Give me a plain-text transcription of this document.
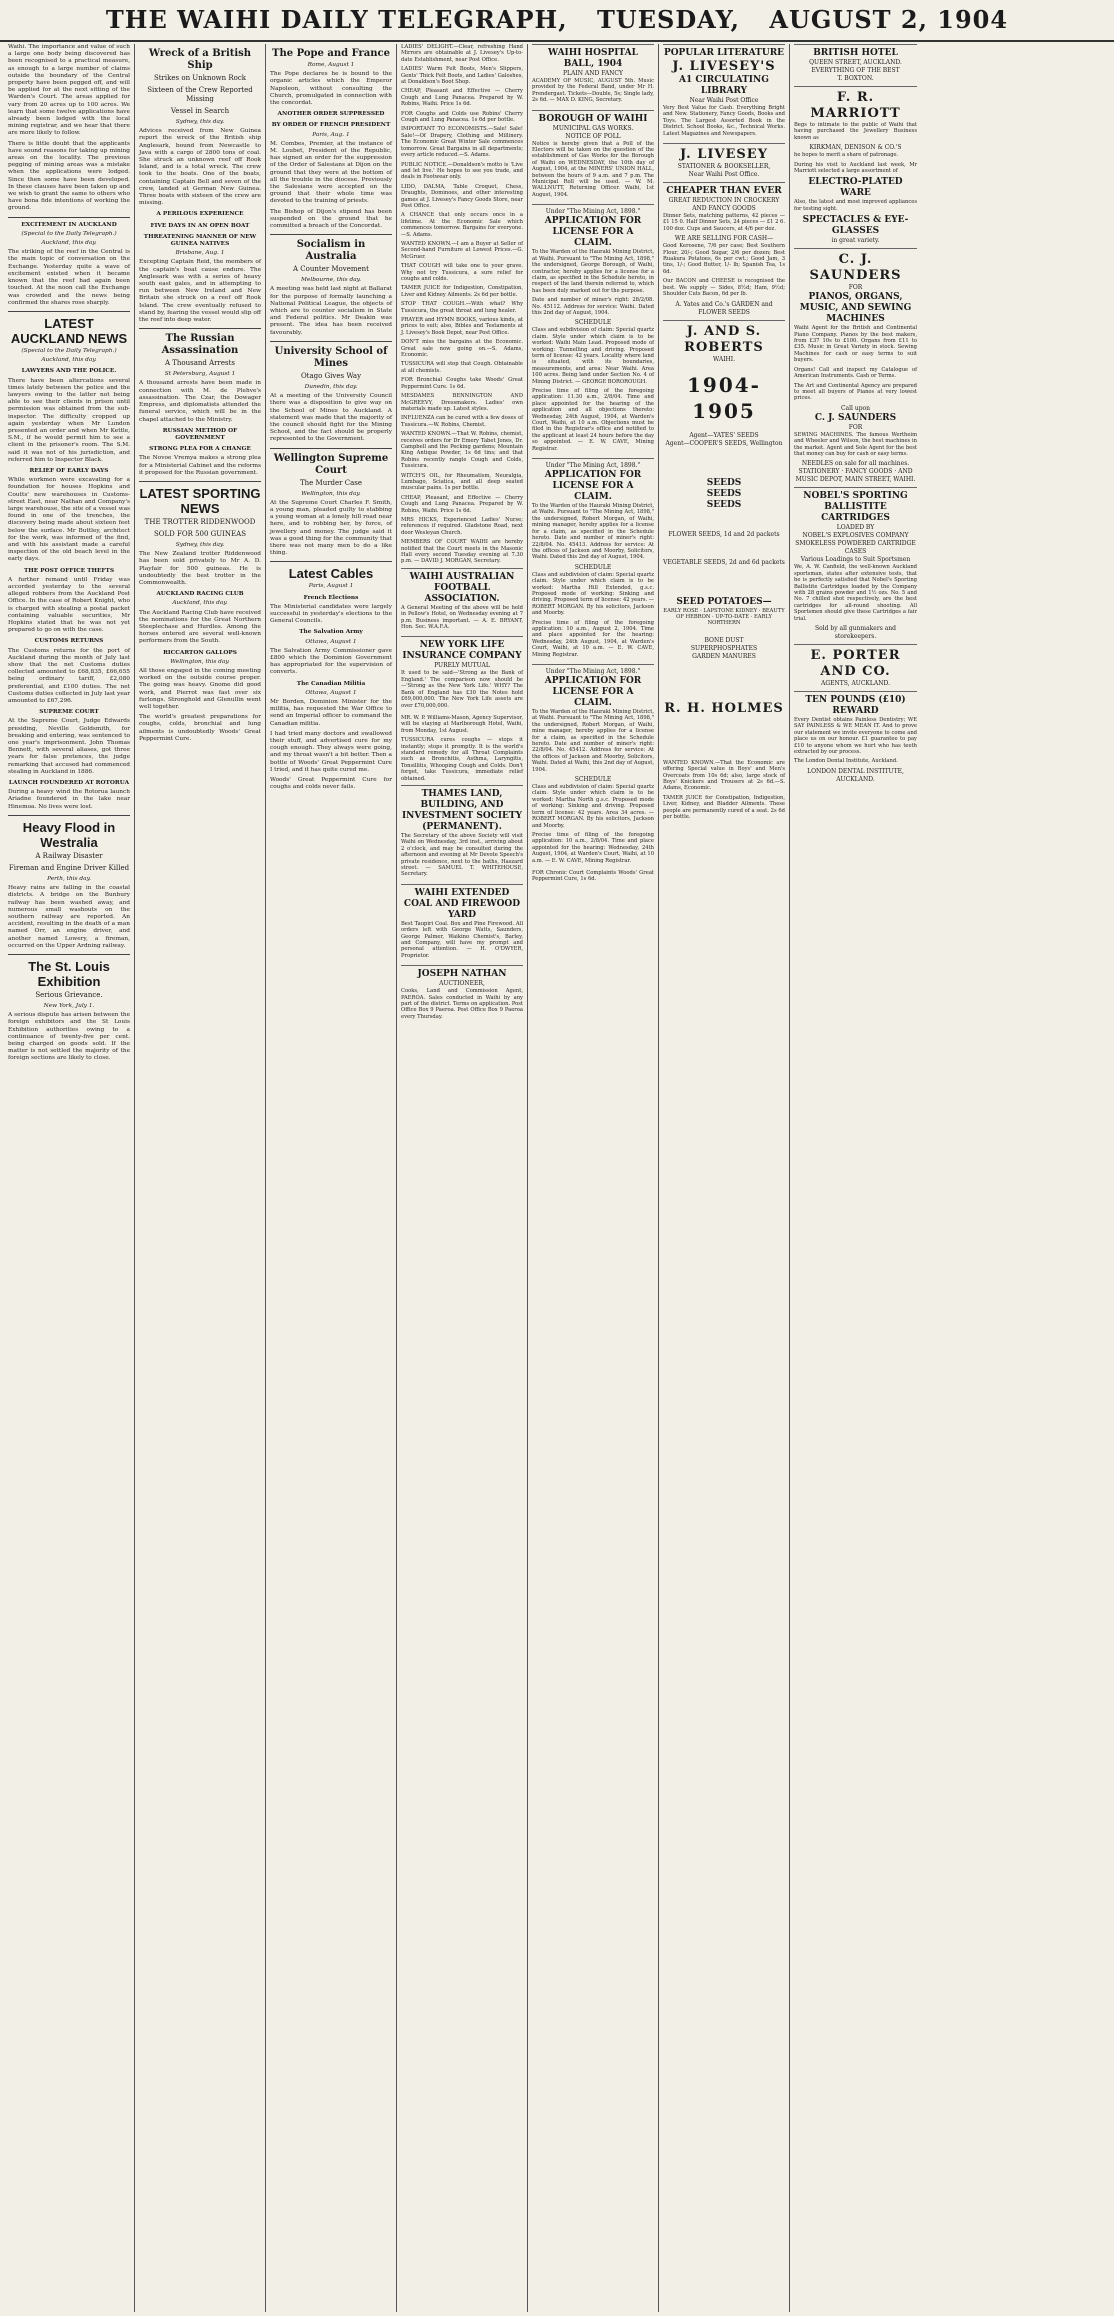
THE WAIHI DAILY TELEGRAPH, TUESDAY, AUGUST 2, 1904

Waihi. The importance and value of such a large one body being discovered has been recognised to a practical measure, as enough to a large number of claims outside the boundary of the Central property have been pegged off, and will be applied for at the next sitting of the Warden's Court. The areas applied for vary from 20 acres up to 100 acres. We learn that some twelve applications have already been lodged with the local mining registrar, and we hear that there are more likely to follow.

There is little doubt that the applicants have sound reasons for taking up mining areas on the locality. The previous pegging of mining areas was a mistake when the applications were lodged. Since then some have been developed. In these clauses have been taken up and we wish to grant the same to others who have bona fide intentions of working the ground.

EXCITEMENT IN AUCKLAND
(Special to the Daily Telegraph.)
Auckland, this day.

The striking of the reef in the Central is the main topic of conversation on the Exchange. Yesterday quite a wave of excitement existed when it became known that the reef had again been touched. At the noon call the Exchange was crowded and the news being confirmed the shares rose sharply.

LATEST AUCKLAND NEWS
(Special to the Daily Telegraph.)
Auckland, this day.
LAWYERS AND THE POLICE.

There have been altercations several times lately between the police and the lawyers owing to the latter not being able to see their clients in prison until permission was obtained from the sub-inspector. The difficulty cropped up again yesterday when Mr Lundon presented an order and when Mr Kettle, S.M., if he would permit him to see a client in the prisoner's room. The S.M. said it was not of his jurisdiction, and referred him to Inspector Black.

RELIEF OF EARLY DAYS

While workmen were excavating for a foundation for houses Hopkins and Coutts' new warehouses in Customs-street East, near Nathan and Company's large warehouse, the site of a vessel was found in one of the trenches, the discovery being made about sixteen feet below the surface. Mr Buttley, architect for the work, was informed of the find, and with his assistant made a careful inspection of the old beach level in the early days.

THE POST OFFICE THEFTS

A further remand until Friday was accorded yesterday to the several alleged robbers from the Auckland Post Office. In the case of Robert Knight, who is charged with stealing a postal packet containing valuable securities, Mr Hopkins stated that he was not yet prepared to go on with the case.

CUSTOMS RETURNS

The Customs returns for the port of Auckland during the month of July last show that the net Customs duties collected amounted to £68,835, £66,655 being ordinary tariff, £2,080 preferential, and £100 duties. The net Customs duties collected in July last year amounted to £67,296.

SUPREME COURT

At the Supreme Court, Judge Edwards presiding, Neville Goldsmith, for breaking and entering, was sentenced to one year's imprisonment. John Thomas Bennett, with several aliases, got three years for false pretences, the judge remarking that accused had commenced stealing in Auckland in 1886.

LAUNCH FOUNDERED AT ROTORUA

During a heavy wind the Rotorua launch Ariadne foundered in the lake near Hinemoa. No lives were lost.

Heavy Flood in Westralia
A Railway Disaster
Fireman and Engine Driver Killed
Perth, this day.

Heavy rains are falling in the coastal districts. A bridge on the Bunbury railway has been washed away, and numerous small washouts on the southern railway are reported. An accident, resulting in the death of a man named Orr, an engine driver, and another named Lowery, a fireman, occurred on the Upper Ardning railway.

The St. Louis Exhibition
Serious Grievance.
New York, July 1.

A serious dispute has arisen between the foreign exhibitors and the St Louis Exhibition authorities owing to a continuance of twenty-five per cent. being charged on goods sold. If the matter is not settled the majority of the foreign sections are likely to close.

Wreck of a British Ship
Strikes on Unknown Rock
Sixteen of the Crew Reported Missing
Vessel in Search
Sydney, this day.

Advices received from New Guinea report the wreck of the British ship Anglesark, bound from Newcastle to Java with a cargo of 2800 tons of coal. She struck an unknown reef off Rook Island, and is a total wreck. The crew took to the boats. One of the boats, containing Captain Bell and seven of the crew, landed at German New Guinea. Three boats with sixteen of the crew are missing.

A PERILOUS EXPERIENCE
FIVE DAYS IN AN OPEN BOAT
THREATENING MANNER OF NEW GUINEA NATIVES
Brisbane, Aug. 1

Excepting Captain Reid, the members of the captain's boat cause endure. The Anglesark was with a series of heavy south east gales, and in attempting to run between New Ireland and New Britain she struck on a reef off Rook Island. The crew eventually refused to stand by, fearing the vessel would slip off the reef into deep water.

The Russian Assassination
A Thousand Arrests
St Petersburg, August 1

A thousand arrests have been made in connection with M. de Plehve's assassination. The Czar, the Dowager Empress, and diplomatists attended the funeral service, which will be in the chapel attached to the Ministry.

RUSSIAN METHOD OF GOVERNMENT
STRONG PLEA FOR A CHANGE

The Novoe Vremya makes a strong plea for a Ministerial Cabinet and the reforms it proposed for the Russian government.

LATEST SPORTING NEWS
THE TROTTER RIDDENWOOD
SOLD FOR 500 GUINEAS
Sydney, this day.

The New Zealand trotter Riddenwood has been sold privately to Mr A. D. Playfair for 500 guineas. He is undoubtedly the best trotter in the Commonwealth.

AUCKLAND RACING CLUB
Auckland, this day.

The Auckland Racing Club have received the nominations for the Great Northern Steeplechase and Hurdles. Among the horses entered are several well-known performers from the South.

RICCARTON GALLOPS
Wellington, this day.

All those engaged in the coming meeting worked on the outside course proper. The going was heavy. Gnome did good work, and Pierrot was fast over six furlongs. Stronghold and Glenullin went well together.

The world's greatest preparations for coughs, colds, bronchial and lung ailments is undoubtedly Woods' Great Peppermint Cure.

The Pope and France
Rome, August 1

The Pope declares he is bound to the organic articles which the Emperor Napoleon, without consulting the Church, promulgated in connection with the concordat.

ANOTHER ORDER SUPPRESSED
BY ORDER OF FRENCH PRESIDENT
Paris, Aug. 1

M. Combes, Premier, at the instance of M. Loubet, President of the Republic, has signed an order for the suppression of the Order of Salesians at Dijon on the ground that they were at the bottom of all the trouble in the diocese. Previously the Salesians were accepted on the ground that their whole time was devoted to the training of priests.

The Bishop of Dijon's stipend has been suspended on the ground that he committed a breach of the Concordat.

Socialism in Australia
A Counter Movement
Melbourne, this day.

A meeting was held last night at Ballarat for the purpose of formally launching a National Political League, the objects of which are to counter socialism in State and Federal politics. Mr Deakin was present. The idea has been received favourably.

University School of Mines
Otago Gives Way
Dunedin, this day.

At a meeting of the University Council there was a disposition to give way on the School of Mines to Auckland. A statement was made that the majority of the council should fight for the Mining School, and the fact should be properly represented to the Government.

Wellington Supreme Court
The Murder Case
Wellington, this day.

At the Supreme Court Charles F. Smith, a young man, pleaded guilty to stabbing a young woman at a lonely hill road near here, and to robbing her, by force, of jewellery and money. The judge said it was a good thing for the community that there was not many men to do a like thing.

Latest Cables
Paris, August 1
French Elections

The Ministerial candidates were largely successful in yesterday's elections to the General Councils.

The Salvation Army
Ottawa, August 1

The Salvation Army Commissioner gave £800 which the Dominion Government has appropriated for the supervision of converts.

The Canadian Militia
Ottawa, August 1

Mr Borden, Dominion Minister for the militia, has requested the War Office to send an Imperial officer to command the Canadian militia.

I had tried many doctors and swallowed their stuff, and advertised cure for my cough enough. They always were going, and my throat wasn't a bit better. Then a bottle of Woods' Great Peppermint Cure I tried, and it has quite cured me.

Woods' Great Peppermint Cure for coughs and colds never fails.

LADIES' DELIGHT.—Clear, refreshing Hand Mirrors are obtainable at J. Livesey's Up-to-date Establishment, near Post Office.

LADIES' Warm Felt Boots, Men's Slippers, Gents' Thick Felt Boots, and Ladies' Galoshes, at Donaldson's Boot Shop.

CHEAP, Pleasant and Effective — Cherry Cough and Lung Panacea. Prepared by W. Robins, Waihi. Price 1s 6d.

FOR Coughs and Colds use Robins' Cherry Cough and Lung Panacea. 1s 6d per bottle.

IMPORTANT TO ECONOMISTS.—Sale! Sale! Sale!—Of Drapery, Clothing and Millinery. The Economic Great Winter Sale commences tomorrow. Great Bargains in all departments; every article reduced.—S. Adams.

PUBLIC NOTICE.—Donaldson's motto is 'Live and let live.' He hopes to see you trade, and deals in Footwear only.

LIDO, DALMA, Table Croquet, Chess, Draughts, Dominoes, and other interesting games at J. Livesey's Fancy Goods Store, near Post Office.

A CHANCE that only occurs once in a lifetime. At the Economic Sale which commences tomorrow. Bargains for everyone.—S. Adams.

WANTED KNOWN.—I am a Buyer at Seller of Second-hand Furniture at Lowest Prices.—G. McGruer.

THAT COUGH will take one to your grave. Why not try Tussicura, a sure relief for coughs and colds.

TAMER JUICE for Indigestion, Constipation, Liver and Kidney Ailments. 2s 6d per bottle.

STOP THAT COUGH.—With what? Why Tussicura, the great throat and lung healer.

PRAYER and HYMN BOOKS, various kinds, at prices to suit; also, Bibles and Testaments at J. Livesey's Book Depot, near Post Office.

DON'T miss the bargains at the Economic. Great sale now going on.—S. Adams, Economic.

TUSSICURA will stop that Cough. Obtainable at all chemists.

FOR Bronchial Coughs take Woods' Great Peppermint Cure. 1s 6d.

MESDAMES BENNINGTON AND McGREEVY, Dressmakers. Ladies' own materials made up. Latest styles.

INFLUENZA can be cured with a few doses of Tussicura.—W. Robins, Chemist.

WANTED KNOWN.—That W. Robins, chemist, receives orders for Dr Emery Tabet Jones, Dr. Campbell and the Pecking gardens; Mountain King Antique Powder, 1s 6d tins; and that Robins recently rangle Cough and Colds, Tussicura.

WITCH'S OIL, for Rheumatism, Neuralgia, Lumbago, Sciatica, and all deep seated muscular pains. 1s per bottle.

CHEAP, Pleasant, and Effective — Cherry Cough and Lung Panacea. Prepared by W. Robins, Waihi. Price 1s 6d.

MRS HICKS, Experienced Ladies' Nurse; references if required. Gladstone Road, next door Wesleyan Church.

MEMBERS OF COURT WAIHI are hereby notified that the Court meets in the Masonic Hall every second Tuesday evening at 7.30 p.m. — DAVID J. MORGAN, Secretary.

WAIHI AUSTRALIAN FOOTBALL ASSOCIATION.

A General Meeting of the above will be held in Pellow's Hotel, on Wednesday evening at 7 p.m. Business important. — A. E. BRYANT, Hon. Sec. W.A.F.A.

NEW YORK LIFE INSURANCE COMPANY
PURELY MUTUAL

It used to be said—'Strong as the Bank of England.' The comparison now should be—'Strong as the New York Life.' WHY? The Bank of England has £30 the Notes hold £69,000,000. The New York Life assets are over £70,000,000.

MR. W. P. Williams-Mason, Agency Supervisor, will be staying at Marlborough Hotel, Waihi, from Monday, 1st August.

TUSSICURA cures coughs — stops it instantly; stops it promptly. It is the world's standard remedy for all Throat Complaints such as Bronchitis, Asthma, Laryngitis, Tonsillitis, Whooping Cough and Colds. Don't forget, take Tussicura, immediate relief obtained.

THAMES LAND, BUILDING, AND INVESTMENT SOCIETY (PERMANENT).

The Secretary of the above Society will visit Waihi on Wednesday, 3rd inst., arriving about 2 o'clock, and may be consulted during the afternoon and evening at Mr Devote Speech's private residence, next to the baths, Haszard street. — SAMUEL T. WHITEHOUSE, Secretary.

WAIHI EXTENDED COAL AND FIREWOOD YARD

Best Taupiri Coal. Box and Pine Firewood. All orders left with George Watts, Saunders, George Palmer, Waikino Chemist's, Barley, and Company, will have my prompt and personal attention. — H. O'DWYER, Proprietor.

JOSEPH NATHAN
AUCTIONEER,

Cooks, Land and Commission Agent, PAEROA. Sales conducted in Waihi by any part of the district. Terms on application. Post Office Box 9 Paeroa. Post Office Box 9 Paeroa every Thursday.

WAIHI HOSPITAL BALL, 1904
PLAIN AND FANCY

ACADEMY OF MUSIC, AUGUST 5th. Music provided by the Federal Band, under Mr H. Prendergast. Tickets—Double, 5s; Single lady, 2s 6d. — MAX D. KING, Secretary.

BOROUGH OF WAIHI
MUNICIPAL GAS WORKS.
NOTICE OF POLL

Notice is hereby given that a Poll of the Electors will be taken on the question of the establishment of Gas Works for the Borough of Waihi on WEDNESDAY, the 10th day of August, 1904, at the MINERS' UNION HALL, between the hours of 9 a.m. and 7 p.m. The Municipal Roll will be used. — W. M. WALLNUTT, Returning Officer. Waihi, 1st August, 1904.

Under "The Mining Act, 1898."
APPLICATION FOR LICENSE FOR A CLAIM.

To the Warden of the Hauraki Mining District, at Waihi. Pursuant to "The Mining Act, 1898," the undersigned, George Borough, of Waihi, contractor, hereby applies for a license for a claim, as specified in the Schedule hereto, in respect of the land therein referred to, which has been duly marked out for the purpose.

Date and number of miner's right: 28/2/08. No. 45112. Address for service: Waihi. Dated this 2nd day of August, 1904.

SCHEDULE

Class and subdivision of claim: Special quartz claim. Style under which claim is to be worked: Waihi Main Lead. Proposed mode of working: Tunnelling and driving. Proposed term of license: 42 years. Locality where land is situated, with its boundaries, measurements, and area: Near Waihi. Area 100 acres. Being land under Section No. 4 of Mining District. — GEORGE BOROROUGH.

Precise time of filing of the foregoing application: 11.30 a.m., 2/8/04. Time and place appointed for the hearing of the application and all objections thereto: Wednesday, 24th August, 1904, at Warden's Court, Waihi, at 10 a.m. Objections must be filed in the Registrar's office and notified to the applicant at least 24 hours before the day so appointed. — E. W. CAVE, Mining Registrar.

Under "The Mining Act, 1898."
APPLICATION FOR LICENSE FOR A CLAIM.

To the Warden of the Hauraki Mining District, at Waihi. Pursuant to "The Mining Act, 1898," the undersigned, Robert Morgan, of Waihi, mining manager, hereby applies for a license for a claim, as specified in the Schedule hereto. Date and number of miner's right: 22/8/04. No. 45413. Address for service: At the offices of Jackson and Moorby, Solicitors, Waihi. Dated this 2nd day of August, 1904.

SCHEDULE

Class and subdivision of claim: Special quartz claim. Style under which claim is to be worked: Martha Hill Extended, g.s.c. Proposed mode of working: Sinking and driving. Proposed term of license: 42 years. — ROBERT MORGAN. By his solicitors, Jackson and Moorby.

Precise time of filing of the foregoing application: 10 a.m., August 2, 1904. Time and place appointed for the hearing: Wednesday, 24th August, 1904, at Warden's Court, Waihi, at 10 a.m. — E. W. CAVE, Mining Registrar.

Under "The Mining Act, 1898."
APPLICATION FOR LICENSE FOR A CLAIM.

To the Warden of the Hauraki Mining District, at Waihi. Pursuant to "The Mining Act, 1898," the undersigned, Robert Morgan, of Waihi, mine manager, hereby applies for a license for a claim, as specified in the Schedule hereto. Date and number of miner's right: 22/8/04. No. 45412. Address for service: At the offices of Jackson and Moorby, Solicitors, Waihi. Dated at Waihi, this 2nd day of August, 1904.

SCHEDULE

Class and subdivision of claim: Special quartz claim. Style under which claim is to be worked: Martha North g.s.c. Proposed mode of working: Sinking and driving. Proposed term of license: 42 years. Area 34 acres. — ROBERT MORGAN. By his solicitors, Jackson and Moorby.

Precise time of filing of the foregoing application: 10 a.m., 2/8/04. Time and place appointed for the hearing: Wednesday, 24th August, 1904, at Warden's Court, Waihi, at 10 a.m. — E. W. CAVE, Mining Registrar.

FOR Chronic Court Complaints Woods' Great Peppermint Cure, 1s 6d.

POPULAR LITERATURE
J. LIVESEY'S
A1 CIRCULATING LIBRARY
Near Waihi Post Office

Very Best Value for Cash. Everything Bright and New. Stationery, Fancy Goods, Books and Toys. The Largest Assorted Book in the District. School Books, &c., Technical Works. Latest Magazines and Newspapers.

J. LIVESEY
STATIONER & BOOKSELLER,
Near Waihi Post Office.
CHEAPER THAN EVER
GREAT REDUCTION IN CROCKERY AND FANCY GOODS

Dinner Sets, matching patterns, 42 pieces — £1 15 0. Half Dinner Sets, 24 pieces — £1 2 6. 100 doz. Cups and Saucers, at 4/6 per doz.

WE ARE SELLING FOR CASH—

Good Kerosene, 7/6 per case; Best Southern Flour, 20/-; Good Sugar, 2/6 per dozen; Best Ruakura Potatoes, 6s per cwt.; Good Jam, 3 tins, 1/-; Good Butter, 1/- lb; Spanish Tea, 1s 6d.

Our BACON and CHEESE is recognised the best. We supply — Sides, 8½d; Ham, 9½d; Shoulder Cuts Bacon, 6d per lb.

A. Yates and Co.'s GARDEN and FLOWER SEEDS
J. AND S. ROBERTS
WAIHI.
1904-1905
Agent—YATES' SEEDS
Agent—COOPER'S SEEDS, Wellington
SEEDS
SEEDS
SEEDS
FLOWER SEEDS, 1d and 2d packets
VEGETABLE SEEDS, 2d and 6d packets
SEED POTATOES—

EARLY ROSE · LAPSTONE KIDNEY · BEAUTY OF HEBRON · UP-TO-DATE · EARLY NORTHERN

BONE DUST
SUPERPHOSPHATES
GARDEN MANURES
R. H. HOLMES

WANTED KNOWN.—That the Economic are offering Special value in Boys' and Men's Overcoats from 10s 6d; also, large stock of Boys' Knickers and Trousers at 2s 6d.—S. Adams, Economic.

TAMER JUICE for Constipation, Indigestion, Liver, Kidney, and Bladder Ailments. These people are permanently cured of a seat. 2s 6d per bottle.

BRITISH HOTEL
QUEEN STREET, AUCKLAND.
EVERYTHING OF THE BEST
T. BOXTON.
F. R. MARRIOTT

Begs to intimate to the public of Waihi that having purchased the Jewellery Business known as

KIRKMAN, DENISON & CO.'S

he hopes to merit a share of patronage.

During his visit to Auckland last week, Mr Marriott selected a large assortment of

ELECTRO-PLATED WARE

Also, the latest and most improved appliances for testing sight.

SPECTACLES & EYE-GLASSES
in great variety.
C. J. SAUNDERS
FOR
PIANOS, ORGANS, MUSIC, AND SEWING MACHINES

Waihi Agent for the British and Continental Piano Company. Pianos by the best makers, from £37 10s to £100. Organs from £11 to £35. Music in Great Variety in stock. Sewing Machines for cash or easy terms to suit buyers.

Organs! Call and inspect my Catalogue of American Instruments. Cash or Terms.

The Art and Continental Agency are prepared to meet all buyers of Pianos at very lowest prices.

Call upon
C. J. SAUNDERS
FOR

SEWING MACHINES. The famous Wertheim and Wheeler and Wilson, the best machines in the market. Agent and Sole Agent for the best that money can buy for cash or easy terms.

NEEDLES on sale for all machines.
STATIONERY · FANCY GOODS · AND MUSIC DEPOT, MAIN STREET, WAIHI.
NOBEL'S SPORTING BALLISTITE CARTRIDGES
LOADED BY
NOBEL'S EXPLOSIVES COMPANY
SMOKELESS POWDERED CARTRIDGE CASES
Various Loadings to Suit Sportsmen

We, A. W. Canfield, the well-known Auckland sportsman, states after extensive tests, that he is perfectly satisfied that Nobel's Sporting Ballistite Cartridges loaded by the Company with 28 grains powder and 1½ ozs. No. 5 and No. 7 chilled shot respectively, are the best cartridges for all-round shooting. All Sportsmen should give these Cartridges a fair trial.

Sold by all gunmakers and storekeepers.
E. PORTER AND CO.
AGENTS, AUCKLAND.
TEN POUNDS (£10) REWARD

Every Dentist obtains Painless Dentistry; WE SAY PAINLESS & WE MEAN IT. And to prove our statement we invite everyone to come and place us on our honour. £1 guarantee to pay £10 to anyone whom we hurt who has teeth extracted by our process.

The London Dental Institute, Auckland.

LONDON DENTAL INSTITUTE, AUCKLAND.
